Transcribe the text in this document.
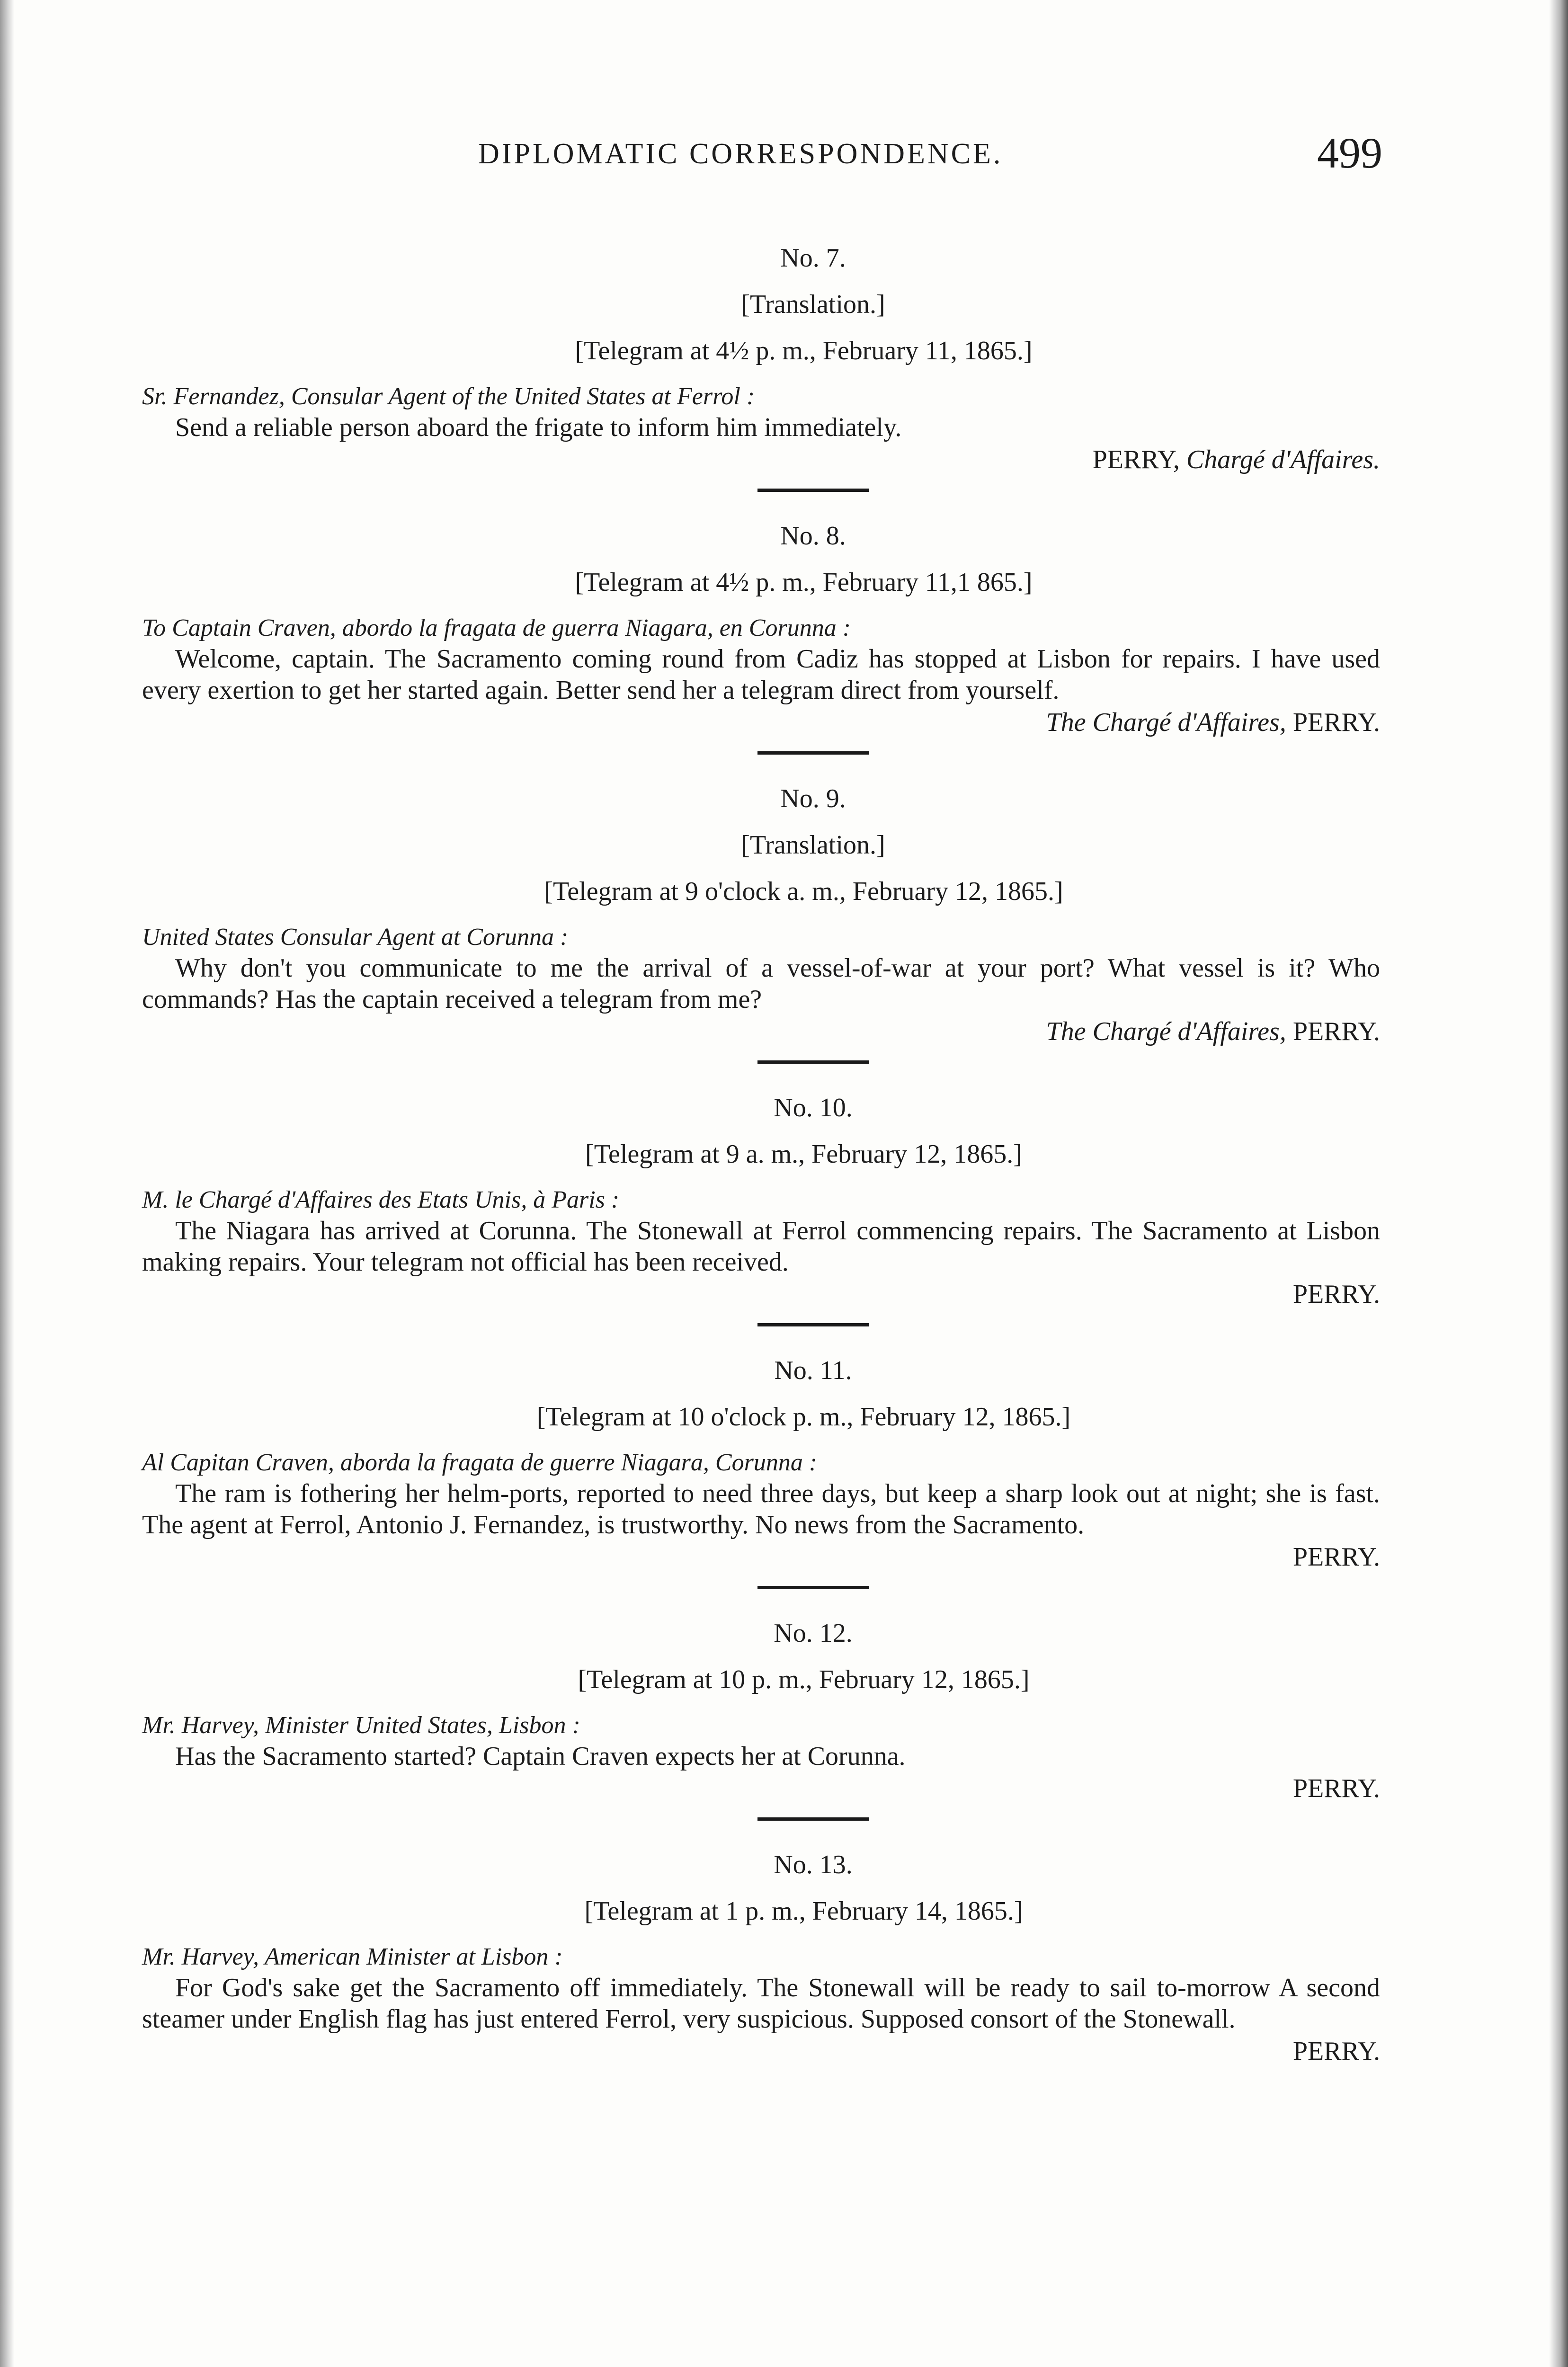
DIPLOMATIC CORRESPONDENCE.	499
No. 7.
[Translation.]
[Telegram at 4½ p. m., February 11, 1865.]
Sr. Fernandez, Consular Agent of the United States at Ferrol :
Send a reliable person aboard the frigate to inform him immediately.
PERRY, Chargé d'Affaires.
No. 8.
[Telegram at 4½ p. m., February 11,1 865.]
To Captain Craven, abordo la fragata de guerra Niagara, en Corunna :
Welcome, captain. The Sacramento coming round from Cadiz has stopped at Lisbon for repairs. I have used every exertion to get her started again. Better send her a telegram direct from yourself.
The Chargé d'Affaires, PERRY.
No. 9.
[Translation.]
[Telegram at 9 o'clock a. m., February 12, 1865.]
United States Consular Agent at Corunna :
Why don't you communicate to me the arrival of a vessel-of-war at your port? What vessel is it? Who commands? Has the captain received a telegram from me?
The Chargé d'Affaires, PERRY.
No. 10.
[Telegram at 9 a. m., February 12, 1865.]
M. le Chargé d'Affaires des Etats Unis, à Paris :
The Niagara has arrived at Corunna. The Stonewall at Ferrol commencing repairs. The Sacramento at Lisbon making repairs. Your telegram not official has been received.
PERRY.
No. 11.
[Telegram at 10 o'clock p. m., February 12, 1865.]
Al Capitan Craven, aborda la fragata de guerre Niagara, Corunna :
The ram is fothering her helm-ports, reported to need three days, but keep a sharp look out at night; she is fast. The agent at Ferrol, Antonio J. Fernandez, is trustworthy. No news from the Sacramento.
PERRY.
No. 12.
[Telegram at 10 p. m., February 12, 1865.]
Mr. Harvey, Minister United States, Lisbon :
Has the Sacramento started? Captain Craven expects her at Corunna.
PERRY.
No. 13.
[Telegram at 1 p. m., February 14, 1865.]
Mr. Harvey, American Minister at Lisbon :
For God's sake get the Sacramento off immediately. The Stonewall will be ready to sail to-morrow A second steamer under English flag has just entered Ferrol, very suspicious. Supposed consort of the Stonewall.
PERRY.
